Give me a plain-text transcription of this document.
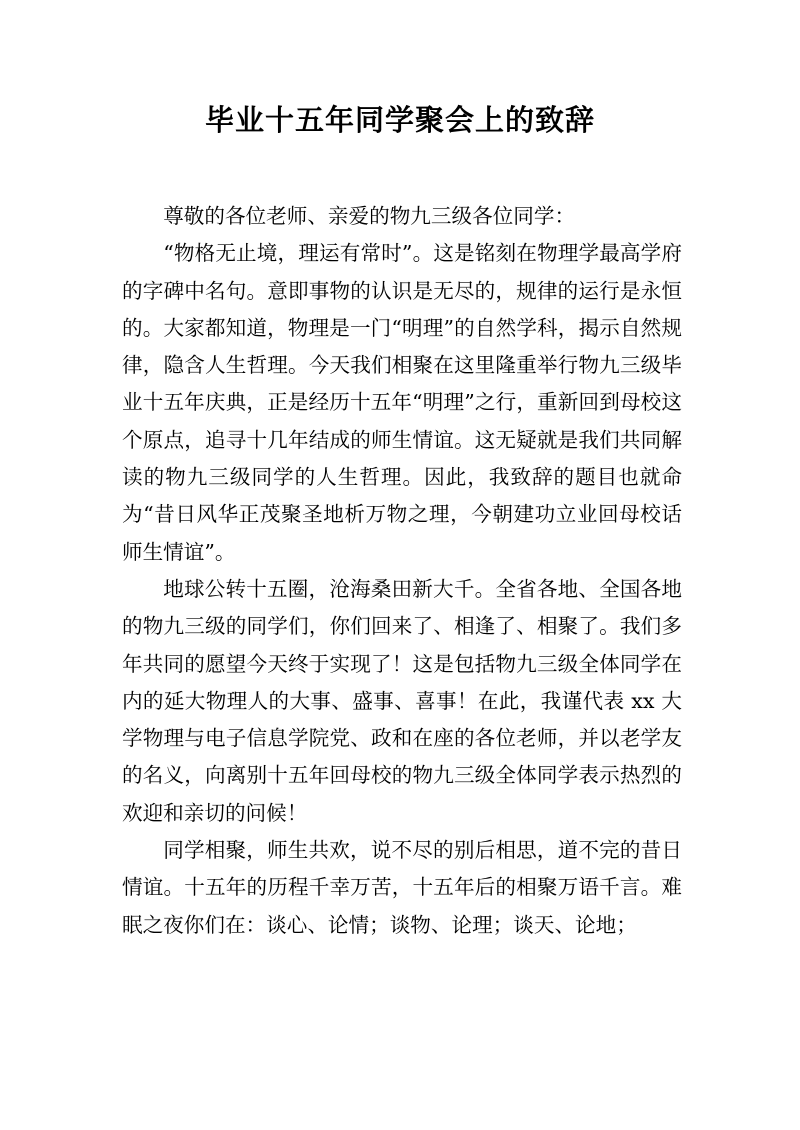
毕业十五年同学聚会上的致辞

尊敬的各位老师、亲爱的物九三级各位同学：

“物格无止境，理运有常时”。这是铭刻在物理学最高学府的字碑中名句。意即事物的认识是无尽的，规律的运行是永恒的。大家都知道，物理是一门“明理”的自然学科，揭示自然规律，隐含人生哲理。今天我们相聚在这里隆重举行物九三级毕业十五年庆典，正是经历十五年“明理”之行，重新回到母校这个原点，追寻十几年结成的师生情谊。这无疑就是我们共同解读的物九三级同学的人生哲理。因此，我致辞的题目也就命为“昔日风华正茂聚圣地析万物之理，今朝建功立业回母校话师生情谊”。

地球公转十五圈，沧海桑田新大千。全省各地、全国各地的物九三级的同学们，你们回来了、相逢了、相聚了。我们多年共同的愿望今天终于实现了！这是包括物九三级全体同学在内的延大物理人的大事、盛事、喜事！在此，我谨代表 xx 大学物理与电子信息学院党、政和在座的各位老师，并以老学友的名义，向离别十五年回母校的物九三级全体同学表示热烈的欢迎和亲切的问候！

同学相聚，师生共欢，说不尽的别后相思，道不完的昔日情谊。十五年的历程千幸万苦，十五年后的相聚万语千言。难眠之夜你们在：谈心、论情；谈物、论理；谈天、论地；
